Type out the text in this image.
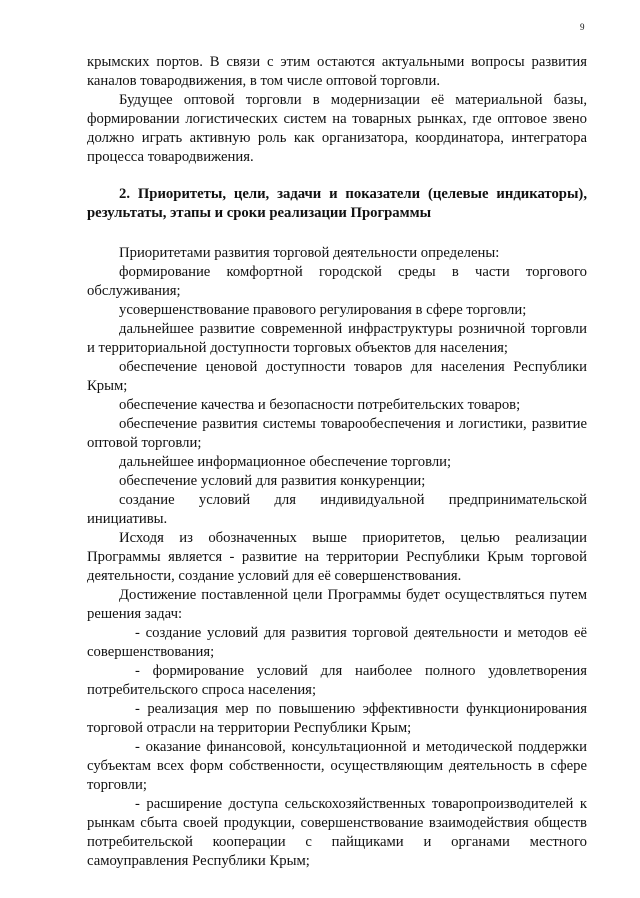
9

крымских портов. В связи с этим остаются актуальными вопросы развития каналов товародвижения, в том числе оптовой торговли.

Будущее оптовой торговли в модернизации её материальной базы, формировании логистических систем на товарных рынках, где оптовое звено должно играть активную роль как организатора, координатора, интегратора процесса товародвижения.

2. Приоритеты, цели, задачи и показатели (целевые индикаторы), результаты, этапы и сроки реализации Программы

Приоритетами развития торговой деятельности определены:

формирование комфортной городской среды в части торгового обслуживания;

усовершенствование правового регулирования в сфере торговли;

дальнейшее развитие современной инфраструктуры розничной торговли и территориальной доступности торговых объектов для населения;

обеспечение ценовой доступности товаров для населения Республики Крым;

обеспечение качества и безопасности потребительских товаров;

обеспечение развития системы товарообеспечения и логистики, развитие оптовой торговли;

дальнейшее информационное обеспечение торговли;

обеспечение условий для развития конкуренции;

создание условий для индивидуальной предпринимательской инициативы.

Исходя из обозначенных выше приоритетов, целью реализации Программы является - развитие на территории Республики Крым торговой деятельности, создание условий для её совершенствования.

Достижение поставленной цели Программы будет осуществляться путем решения задач:

- создание условий для развития торговой деятельности и методов её совершенствования;

- формирование условий для наиболее полного удовлетворения потребительского спроса населения;

- реализация мер по повышению эффективности функционирования торговой отрасли на территории Республики Крым;

- оказание финансовой, консультационной и методической поддержки субъектам всех форм собственности, осуществляющим деятельность в сфере торговли;

- расширение доступа сельскохозяйственных товаропроизводителей к рынкам сбыта своей продукции, совершенствование взаимодействия обществ потребительской кооперации с пайщиками и органами местного самоуправления Республики Крым;
